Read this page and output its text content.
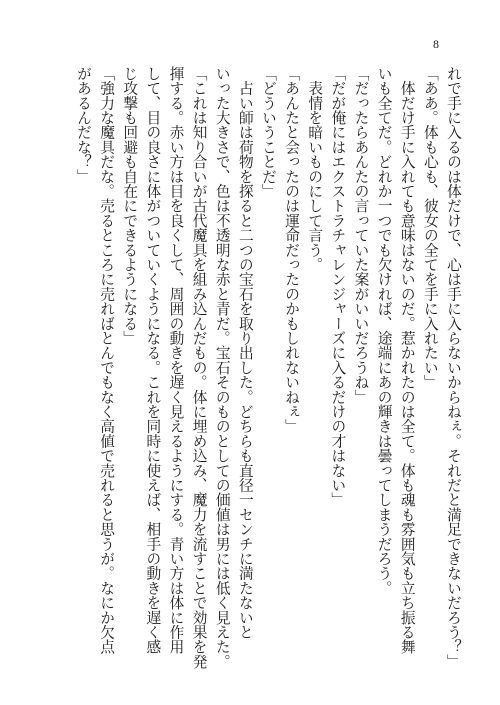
8
れで手に入るのは体だけで、心は手に入らないからねぇ。それだと満足できないだろう？」
「ああ。体も心も、彼女の全てを手に入れたい」
　体だけ手に入れても意味はないのだ。惹かれたのは全て。体も魂も雰囲気も立ち振る舞
いも全てだ。どれか一つでも欠ければ、途端にあの輝きは曇ってしまうだろう。
「だったらあんたの言っていた案がいいだろうね」
「だが俺にはエクストラチャレンジャーズに入るだけの才はない」
　表情を暗いものにして言う。
「あんたと会ったのは運命だったのかもしれないねぇ」
「どういうことだ」
　占い師は荷物を探ると二つの宝石を取り出した。どちらも直径一センチに満たないと
いった大きさで、色は不透明な赤と青だ。宝石そのものとしての価値は男には低く見えた。
「これは知り合いが古代魔具を組み込んだもの。体に埋め込み、魔力を流すことで効果を発
揮する。赤い方は目を良くして、周囲の動きを遅く見えるようにする。青い方は体に作用
して、目の良さに体がついていくようになる。これを同時に使えば、相手の動きを遅く感
じ攻撃も回避も自在にできるようになる」
「強力な魔具だな。売るところに売ればとんでもなく高値で売れると思うが。なにか欠点
があるんだな？」
